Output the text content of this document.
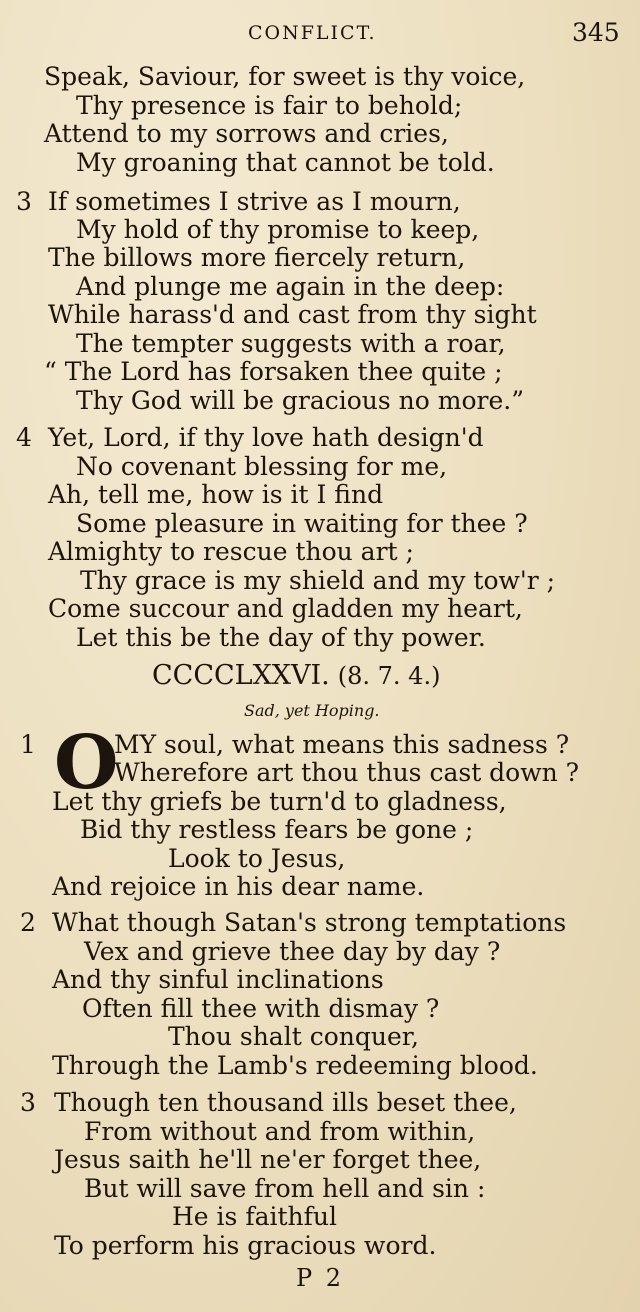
CONFLICT.	345
Speak, Saviour, for sweet is thy voice,
Thy presence is fair to behold;
Attend to my sorrows and cries,
My groaning that cannot be told.
3 If sometimes I strive as I mourn,
My hold of thy promise to keep,
The billows more fiercely return,
And plunge me again in the deep:
While harass'd and cast from thy sight
The tempter suggests with a roar,
“ The Lord has forsaken thee quite ;
Thy God will be gracious no more.”
4 Yet, Lord, if thy love hath design'd
No covenant blessing for me,
Ah, tell me, how is it I find
Some pleasure in waiting for thee ?
Almighty to rescue thou art ;
Thy grace is my shield and my tow'r ;
Come succour and gladden my heart,
Let this be the day of thy power.
CCCCLXXVI. (8. 7. 4.)
Sad, yet Hoping.
1 O
MY soul, what means this sadness ?
Wherefore art thou thus cast down ?
Let thy griefs be turn'd to gladness,
Bid thy restless fears be gone ;
Look to Jesus,
And rejoice in his dear name.
2 What though Satan's strong temptations
Vex and grieve thee day by day ?
And thy sinful inclinations
Often fill thee with dismay ?
Thou shalt conquer,
Through the Lamb's redeeming blood.
3 Though ten thousand ills beset thee,
From without and from within,
Jesus saith he'll ne'er forget thee,
But will save from hell and sin :
He is faithful
To perform his gracious word.
P 2
